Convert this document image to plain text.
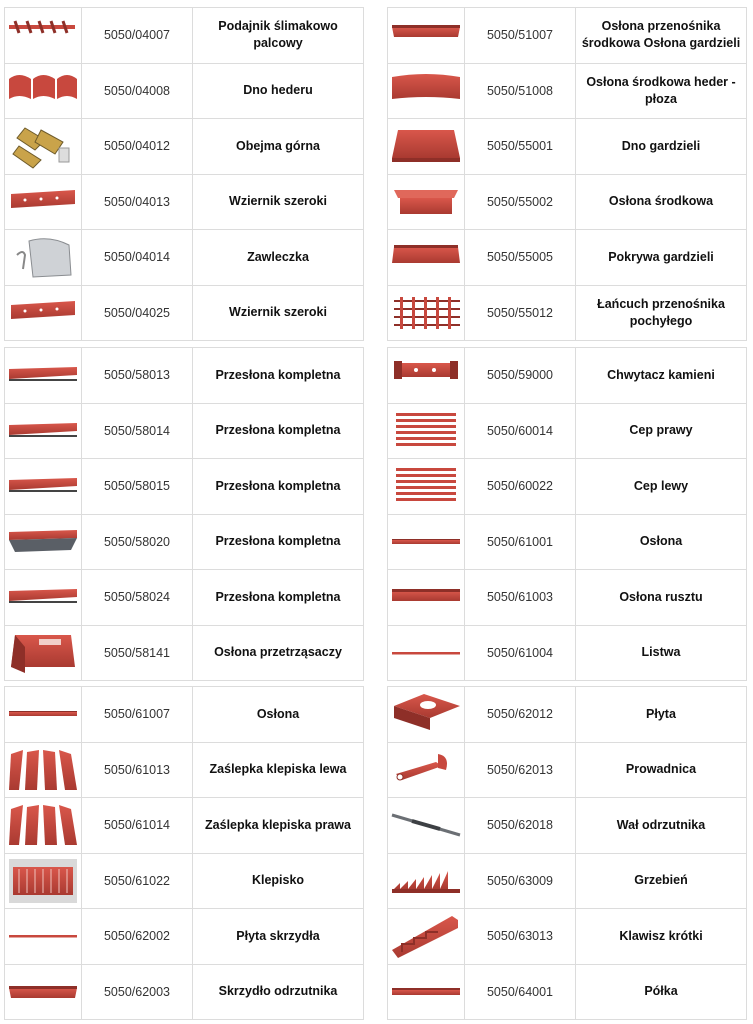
	5050/04007	Podajnik ślimakowo palcowy

	5050/04008	Dno hederu

	5050/04012	Obejma górna

	5050/04013	Wziernik szeroki

	5050/04014	Zawleczka

	5050/04025	Wziernik szeroki
	5050/51007	Osłona przenośnika środkowa Osłona gardzieli

	5050/51008	Osłona środkowa heder - płoza

	5050/55001	Dno gardzieli

	5050/55002	Osłona środkowa

	5050/55005	Pokrywa gardzieli

	5050/55012	Łańcuch przenośnika pochyłego
	5050/58013	Przesłona kompletna

	5050/58014	Przesłona kompletna

	5050/58015	Przesłona kompletna

	5050/58020	Przesłona kompletna

	5050/58024	Przesłona kompletna

	5050/58141	Osłona przetrząsaczy
	5050/59000	Chwytacz kamieni

	5050/60014	Cep prawy

	5050/60022	Cep lewy

	5050/61001	Osłona

	5050/61003	Osłona rusztu

	5050/61004	Listwa
	5050/61007	Osłona

	5050/61013	Zaślepka klepiska lewa

	5050/61014	Zaślepka klepiska prawa

	5050/61022	Klepisko

	5050/62002	Płyta skrzydła

	5050/62003	Skrzydło odrzutnika
	5050/62012	Płyta

	5050/62013	Prowadnica

	5050/62018	Wał odrzutnika

	5050/63009	Grzebień

	5050/63013	Klawisz krótki

	5050/64001	Półka
